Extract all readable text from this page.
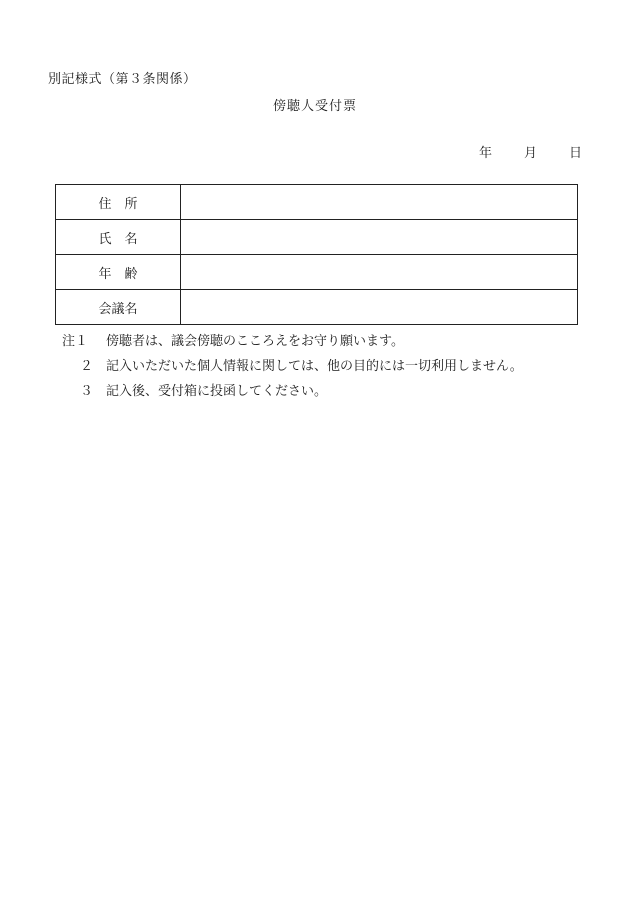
別記様式（第３条関係）
傍聴人受付票
年 月 日
住　所	
氏　名	
年　齢	
会議名	
注１	傍聴者は、議会傍聴のこころえをお守り願います。
２ 記入いただいた個人情報に関しては、他の目的には一切利用しません。
３ 記入後、受付箱に投函してください。
